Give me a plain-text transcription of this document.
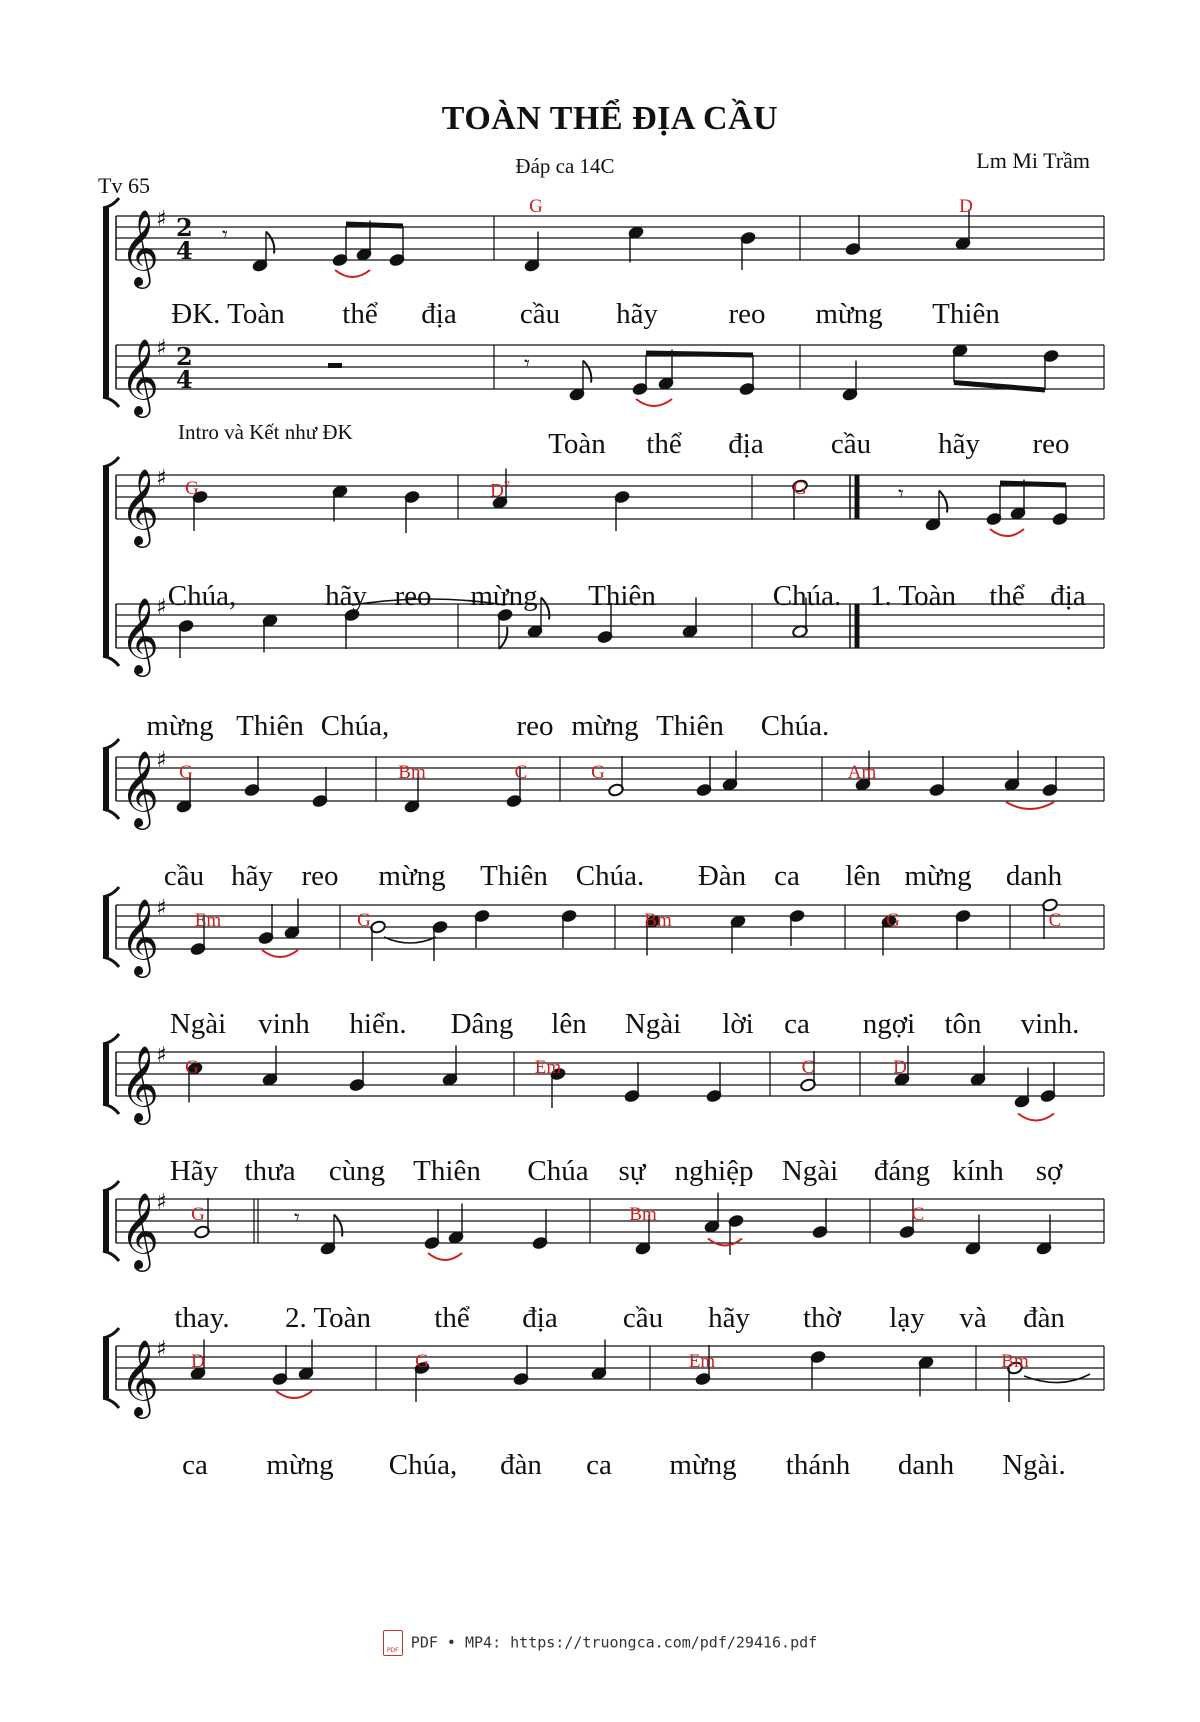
TOÀN THỂ ĐỊA CẦU
Đáp ca 14C	Lm Mi Trầm
Tv 65
Intro và Kết như ĐK
𝄞
♯ 2
4
𝄞
♯ 2
4
𝄞
♯
𝄞
♯
𝄞
♯
𝄞
♯
𝄞
♯
𝄞
♯
𝄞
♯
𝄾
𝄾
𝄾
𝄾
G	D
ĐK. Toàn thể địa cầu hãy reo mừng Thiên
Toàn thể địa cầu hãy reo
G	$D^7$	G
Chúa,	hãy reo mừng Thiên	Chúa. 1. Toàn thể địa
mừng Thiên Chúa,	reo mừng Thiên Chúa.
G	Bm	C	G	Am
cầu hãy reo mừng Thiên Chúa. Đàn ca lên mừng danh
Em	G	Bm	G	C
Ngài vinh hiển. Dâng lên Ngài lời ca ngợi tôn vinh.
G	Em	C	D
Hãy thưa cùng Thiên Chúa sự nghiệp Ngài đáng kính sợ
G	Bm	C
thay. 2. Toàn thể địa cầu hãy thờ lạy và đàn
D	G	Em	Bm
ca mừng Chúa, đàn ca mừng thánh danh Ngài.
PDFPDF • MP4: https://truongca.com/pdf/29416.pdf
